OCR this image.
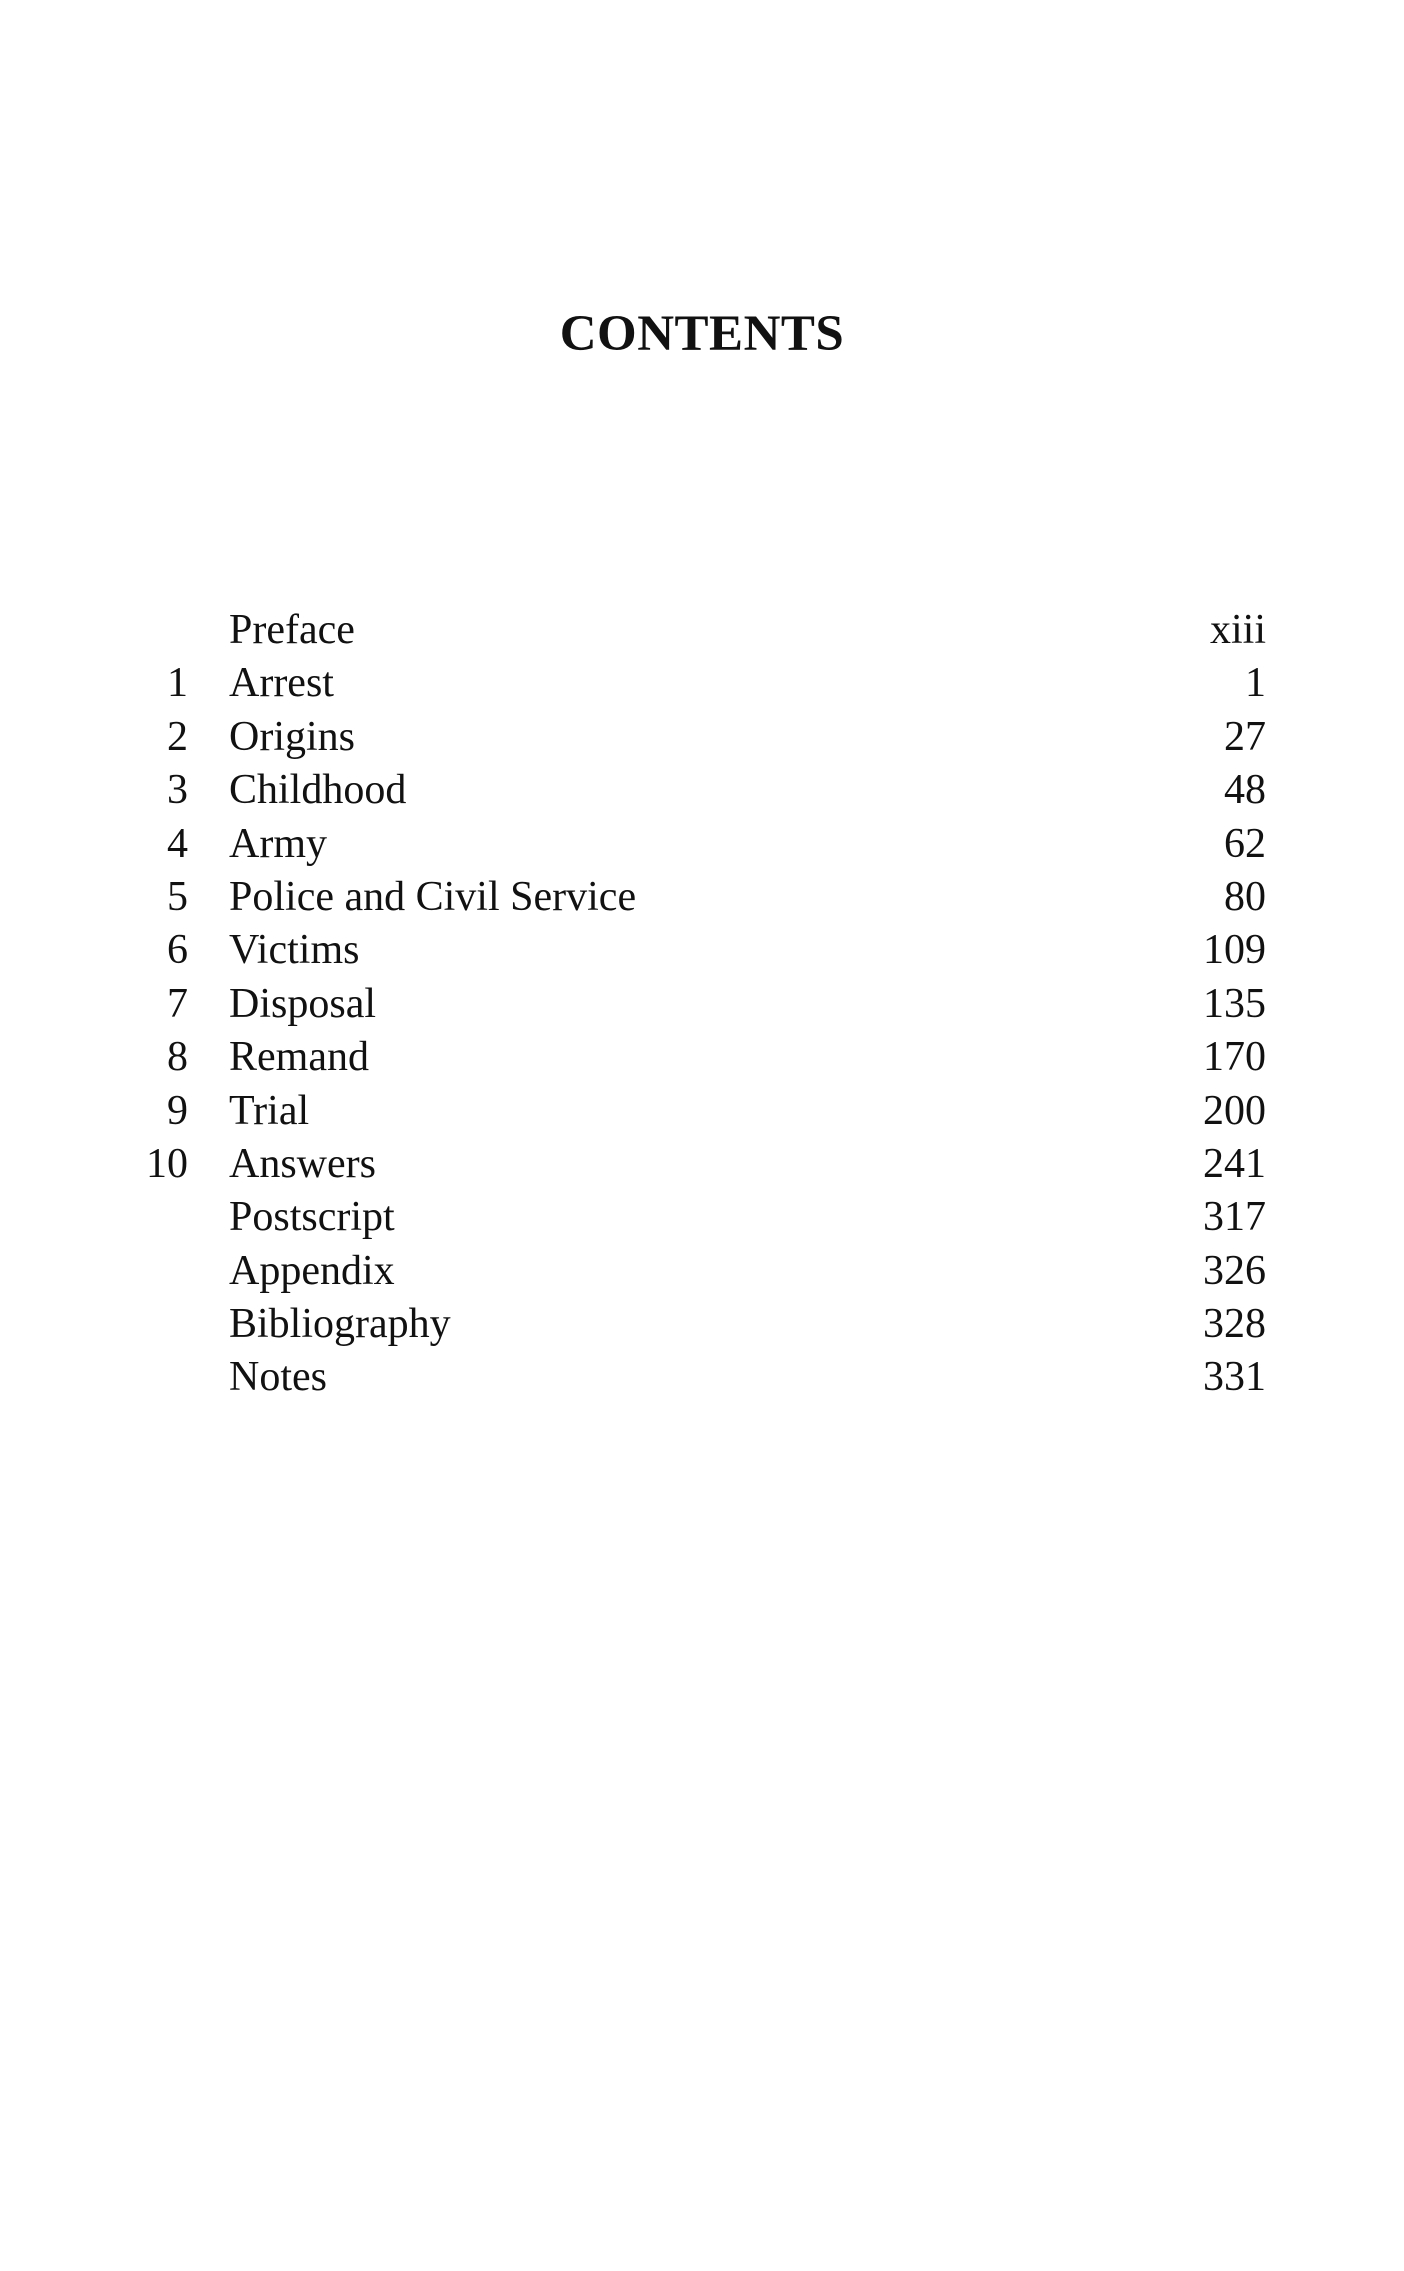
CONTENTS
Preface	xiii
1 Arrest	1
2 Origins	27
3 Childhood	48
4 Army	62
5 Police and Civil Service	80
6 Victims	109
7 Disposal	135
8 Remand	170
9 Trial	200
10 Answers	241
Postscript	317
Appendix	326
Bibliography	328
Notes	331
